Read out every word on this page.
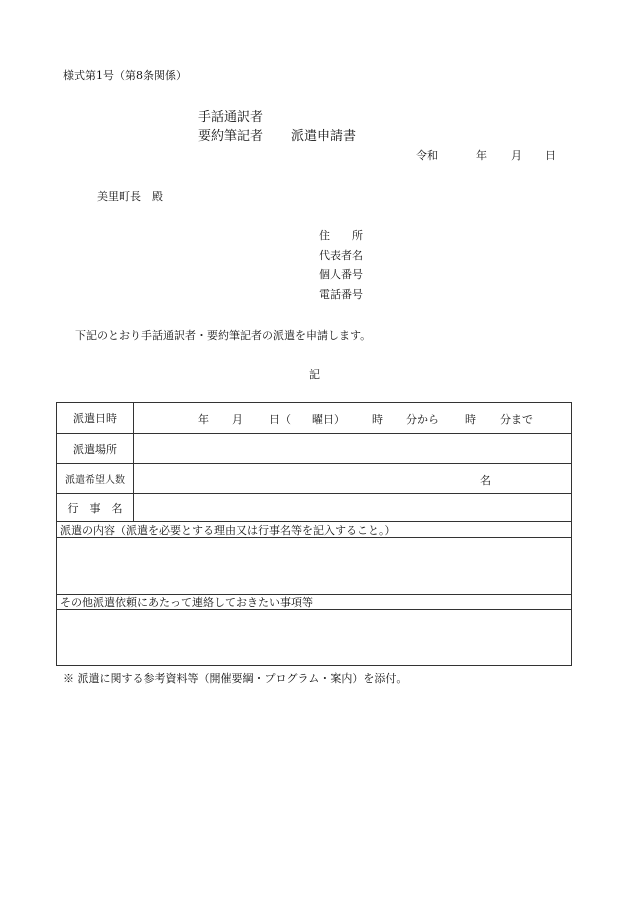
様式第1号（第8条関係）
手話通訳者
要約筆記者 派遣申請書
令和	年 月 日
美里町長　殿
住　　所
代表者名
個人番号
電話番号
下記のとおり手話通訳者・要約筆記者の派遣を申請します。
記
派遣日時	年 月 日（ 曜日） 時 分から 時 分まで
派遣場所
派遣希望人数	名
行　事　名
派遣の内容（派遣を必要とする理由又は行事名等を記入すること。）
その他派遣依頼にあたって連絡しておきたい事項等
※ 派遣に関する参考資料等（開催要綱・プログラム・案内）を添付。
